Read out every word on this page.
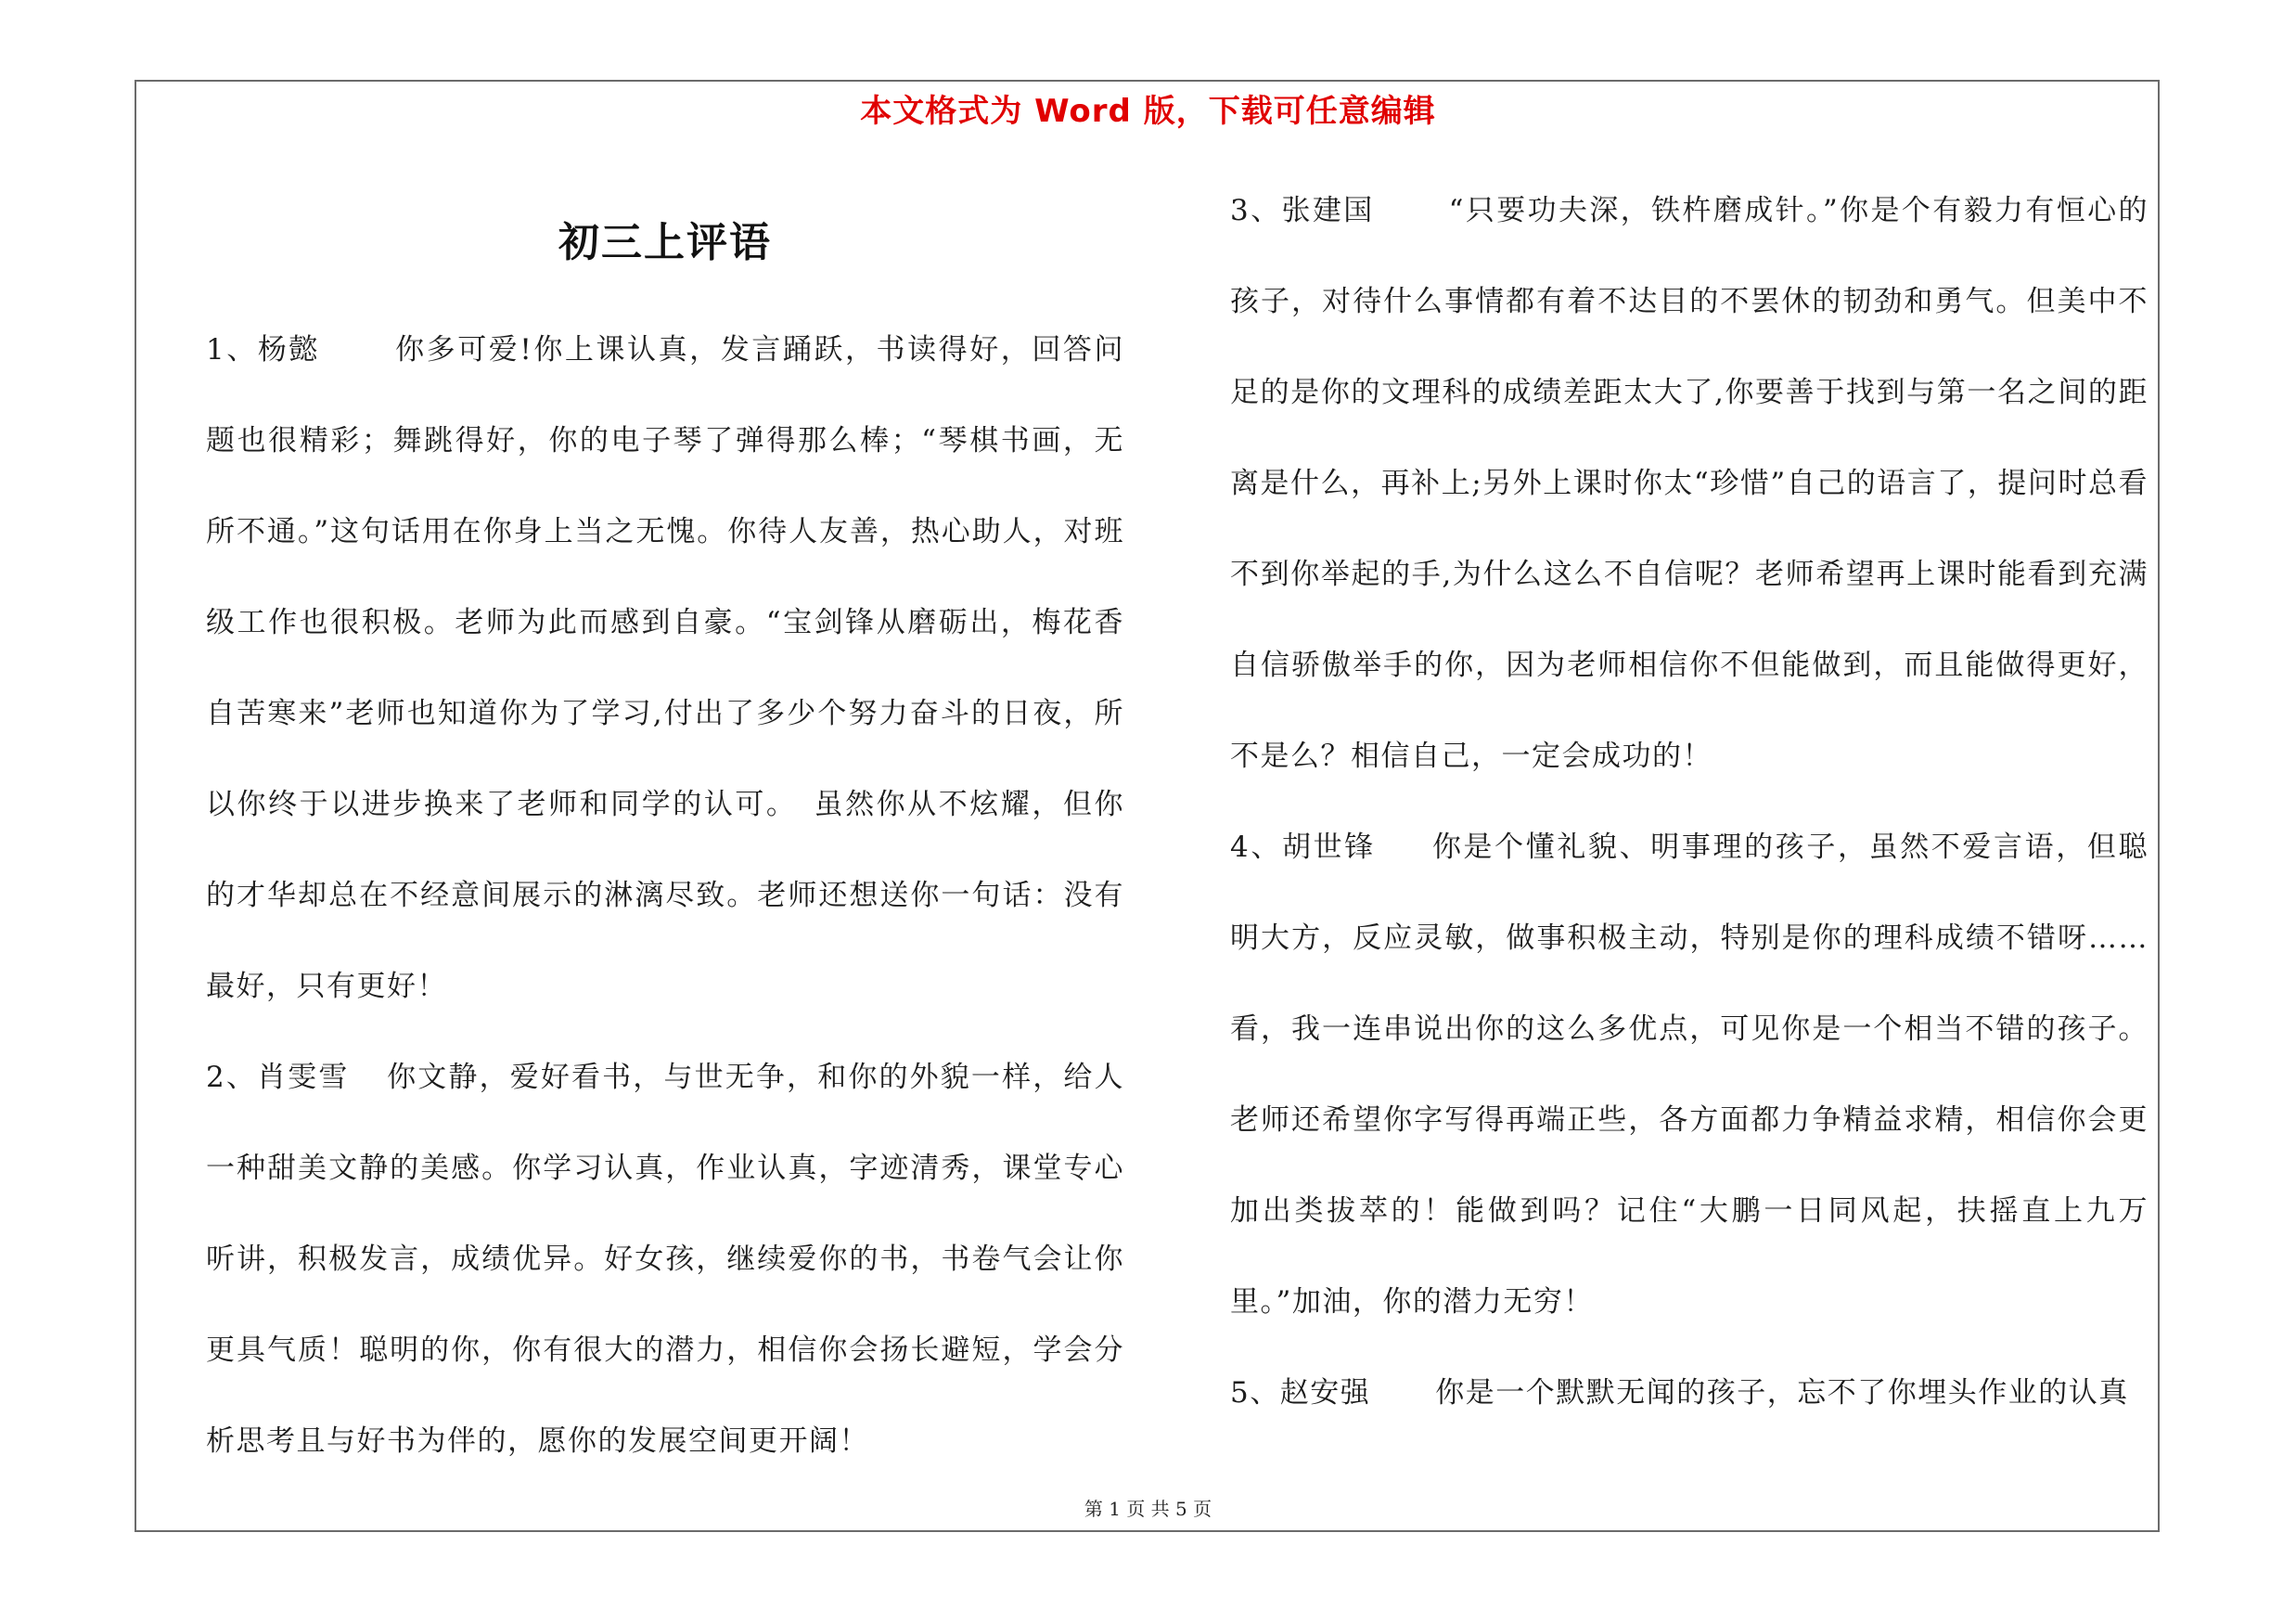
本文格式为 Word 版，下载可任意编辑
初三上评语

1、杨懿	你多可爱!你上课认真，发言踊跃，书读得好，回答问题也很精彩；舞跳得好，你的电子琴了弹得那么棒；“琴棋书画，无所不通。”这句话用在你身上当之无愧。你待人友善，热心助人，对班级工作也很积极。老师为此而感到自豪。“宝剑锋从磨砺出，梅花香自苦寒来”老师也知道你为了学习,付出了多少个努力奋斗的日夜，所以你终于以进步换来了老师和同学的认可。　虽然你从不炫耀，但你的才华却总在不经意间展示的淋漓尽致。老师还想送你一句话：没有最好，只有更好！

2、肖雯雪 你文静，爱好看书，与世无争，和你的外貌一样，给人一种甜美文静的美感。你学习认真，作业认真，字迹清秀，课堂专心听讲，积极发言，成绩优异。好女孩，继续爱你的书，书卷气会让你更具气质！聪明的你，你有很大的潜力，相信你会扬长避短，学会分析思考且与好书为伴的，愿你的发展空间更开阔！

3、张建国	“只要功夫深，铁杵磨成针。”你是个有毅力有恒心的孩子，对待什么事情都有着不达目的不罢休的韧劲和勇气。但美中不足的是你的文理科的成绩差距太大了,你要善于找到与第一名之间的距离是什么，再补上;另外上课时你太“珍惜”自己的语言了，提问时总看不到你举起的手,为什么这么不自信呢？老师希望再上课时能看到充满自信骄傲举手的你，因为老师相信你不但能做到，而且能做得更好，不是么？相信自己，一定会成功的！

4、胡世锋 你是个懂礼貌、明事理的孩子，虽然不爱言语，但聪明大方，反应灵敏，做事积极主动，特别是你的理科成绩不错呀……看，我一连串说出你的这么多优点，可见你是一个相当不错的孩子。老师还希望你字写得再端正些，各方面都力争精益求精，相信你会更加出类拔萃的！能做到吗？记住“大鹏一日同风起，扶摇直上九万里。”加油，你的潜力无穷！

5、赵安强 你是一个默默无闻的孩子，忘不了你埋头作业的认真

第 1 页 共 5 页
